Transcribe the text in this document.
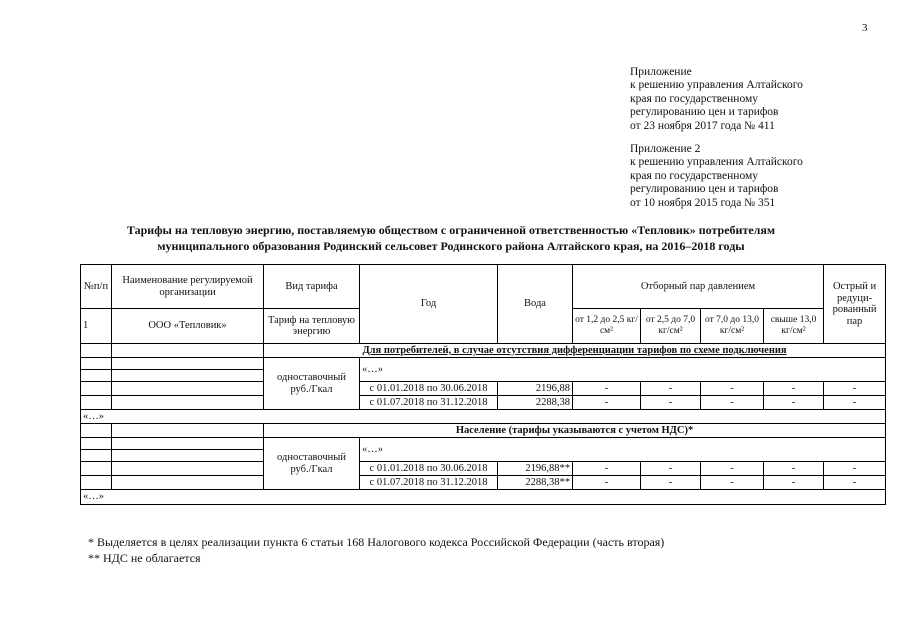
3
Приложение
к решению управления Алтайского
края по государственному
регулированию цен и тарифов
от 23 ноября 2017 года № 411
Приложение 2
к решению управления Алтайского
края по государственному
регулированию цен и тарифов
от 10 ноября 2015 года № 351
Тарифы на тепловую энергию, поставляемую обществом с ограниченной ответственностью «Тепловик» потребителям
муниципального образования Родинский сельсовет Родинского района Алтайского края, на 2016–2018 годы
№п/п	Наименование регулируемой организации	Вид тарифа	Год	Вода	Отборный пар давлением				Острый и редуци-рованный пар
1	ООО «Тепловик»	Тариф на тепловую энергию			от 1,2 до 2,5 кг/см²	от 2,5 до 7,0 кг/см²	от 7,0 до 13,0 кг/см²	свыше 13,0 кг/см²	
		Для потребителей, в случае отсутствия дифференциации тарифов по схеме подключения							
		одноставочный руб./Гкал	«…»						

			с 01.01.2018 по 30.06.2018	2196,88	-	-	-	-	-
			с 01.07.2018 по 31.12.2018	2288,38	-	-	-	-	-
«…»									
		Население (тарифы указываются с учетом НДС)*							
		одноставочный руб./Гкал	«…»						

			с 01.01.2018 по 30.06.2018	2196,88**	-	-	-	-	-
			с 01.07.2018 по 31.12.2018	2288,38**	-	-	-	-	-
«…»									
* Выделяется в целях реализации пункта 6 статьи 168 Налогового кодекса Российской Федерации (часть вторая)
** НДС не облагается
